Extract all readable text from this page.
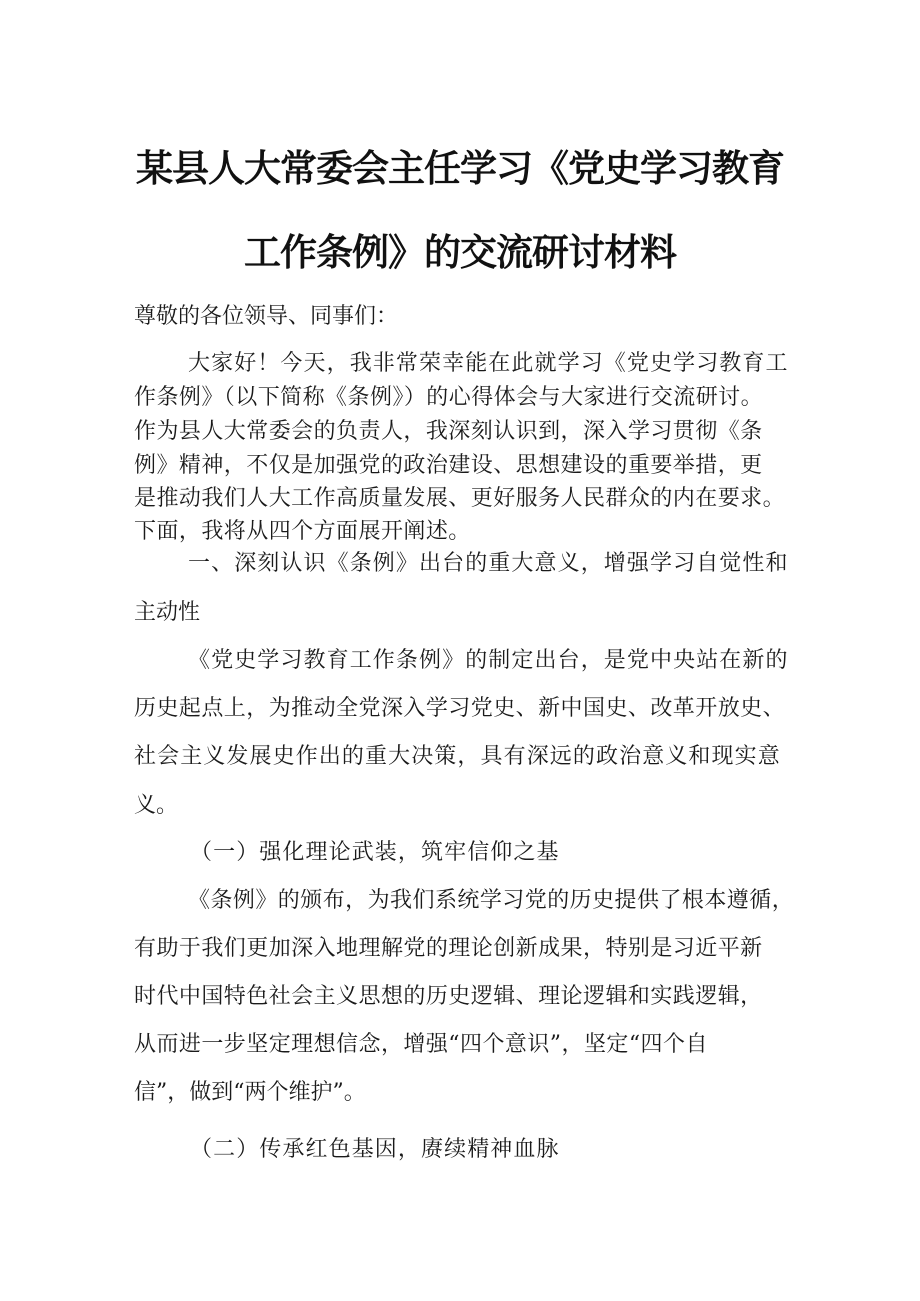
某县人大常委会主任学习《党史学习教育
工作条例》的交流研讨材料
尊敬的各位领导、同事们：
大家好！今天，我非常荣幸能在此就学习《党史学习教育工
作条例》（以下简称《条例》）的心得体会与大家进行交流研讨。
作为县人大常委会的负责人，我深刻认识到，深入学习贯彻《条
例》精神，不仅是加强党的政治建设、思想建设的重要举措，更
是推动我们人大工作高质量发展、更好服务人民群众的内在要求。
下面，我将从四个方面展开阐述。
一、深刻认识《条例》出台的重大意义，增强学习自觉性和
主动性
《党史学习教育工作条例》的制定出台，是党中央站在新的
历史起点上，为推动全党深入学习党史、新中国史、改革开放史、
社会主义发展史作出的重大决策，具有深远的政治意义和现实意
义。
（一）强化理论武装，筑牢信仰之基
《条例》的颁布，为我们系统学习党的历史提供了根本遵循，
有助于我们更加深入地理解党的理论创新成果，特别是习近平新
时代中国特色社会主义思想的历史逻辑、理论逻辑和实践逻辑，
从而进一步坚定理想信念，增强“四个意识”，坚定“四个自
信”，做到“两个维护”。
（二）传承红色基因，赓续精神血脉
